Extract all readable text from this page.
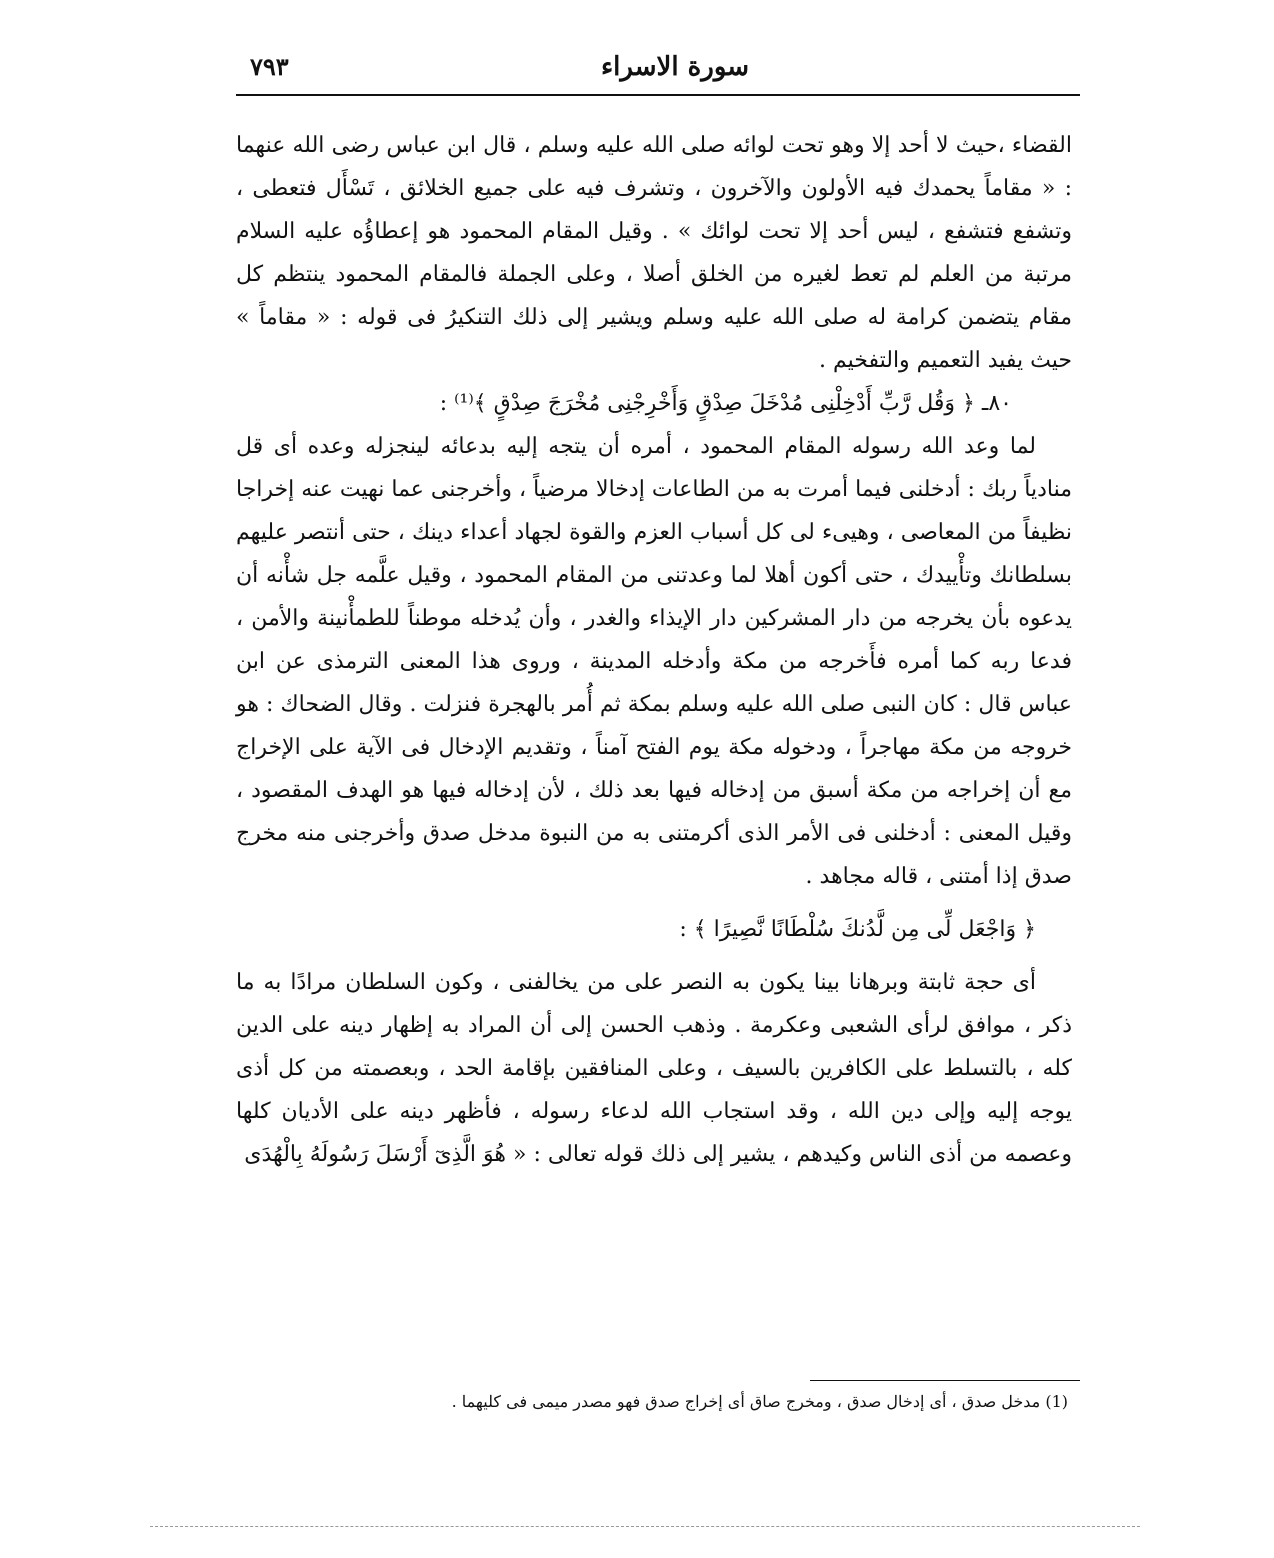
سورة الاسراء
٧٩٣

القضاء ،حيث لا أحد إلا وهو تحت لوائه صلى الله عليه وسلم ، قال ابن عباس رضى الله عنهما : « مقاماً يحمدك فيه الأولون والآخرون ، وتشرف فيه على جميع الخلائق ، تَسْأَل فتعطى ، وتشفع فتشفع ، ليس أحد إلا تحت لوائك » . وقيل المقام المحمود هو إعطاؤُه عليه السلام مرتبة من العلم لم تعط لغيره من الخلق أصلا ، وعلى الجملة فالمقام المحمود ينتظم كل مقام يتضمن كرامة له صلى الله عليه وسلم ويشير إلى ذلك التنكيرُ فى قوله : « مقاماً » حيث يفيد التعميم والتفخيم .

٨٠ـ ﴿ وَقُل رَّبِّ أَدْخِلْنِى مُدْخَلَ صِدْقٍ وَأَخْرِجْنِى مُخْرَجَ صِدْقٍ ﴾⁽¹⁾ :

لما وعد الله رسوله المقام المحمود ، أمره أن يتجه إليه بدعائه لينجزله وعده أى قل منادياً ربك : أدخلنى فيما أمرت به من الطاعات إدخالا مرضياً ، وأخرجنى عما نهيت عنه إخراجا نظيفاً من المعاصى ، وهيىء لى كل أسباب العزم والقوة لجهاد أعداء دينك ، حتى أنتصر عليهم بسلطانك وتأْييدك ، حتى أكون أهلا لما وعدتنى من المقام المحمود ، وقيل علَّمه جل شأْنه أن يدعوه بأن يخرجه من دار المشركين دار الإيذاء والغدر ، وأن يُدخله موطناً للطمأْنينة والأمن ، فدعا ربه كما أمره فأَخرجه من مكة وأدخله المدينة ، وروى هذا المعنى الترمذى عن ابن عباس قال : كان النبى صلى الله عليه وسلم بمكة ثم أُمر بالهجرة فنزلت . وقال الضحاك : هو خروجه من مكة مهاجراً ، ودخوله مكة يوم الفتح آمناً ، وتقديم الإدخال فى الآية على الإخراج مع أن إخراجه من مكة أسبق من إدخاله فيها بعد ذلك ، لأن إدخاله فيها هو الهدف المقصود ، وقيل المعنى : أدخلنى فى الأمر الذى أكرمتنى به من النبوة مدخل صدق وأخرجنى منه مخرج صدق إذا أمتنى ، قاله مجاهد .

﴿ وَاجْعَل لِّى مِن لَّدُنكَ سُلْطَانًا نَّصِيرًا ﴾ :

أى حجة ثابتة وبرهانا بينا يكون به النصر على من يخالفنى ، وكون السلطان مرادًا به ما ذكر ، موافق لرأى الشعبى وعكرمة . وذهب الحسن إلى أن المراد به إظهار دينه على الدين كله ، بالتسلط على الكافرين بالسيف ، وعلى المنافقين بإقامة الحد ، وبعصمته من كل أذى يوجه إليه وإلى دين الله ، وقد استجاب الله لدعاء رسوله ، فأظهر دينه على الأديان كلها وعصمه من أذى الناس وكيدهم ، يشير إلى ذلك قوله تعالى : « هُوَ الَّذِىٓ أَرْسَلَ رَسُولَهُ بِالْهُدَى

(1) مدخل صدق ، أى إدخال صدق ، ومخرج صاق أى إخراج صدق فهو مصدر ميمى فى كليهما .
